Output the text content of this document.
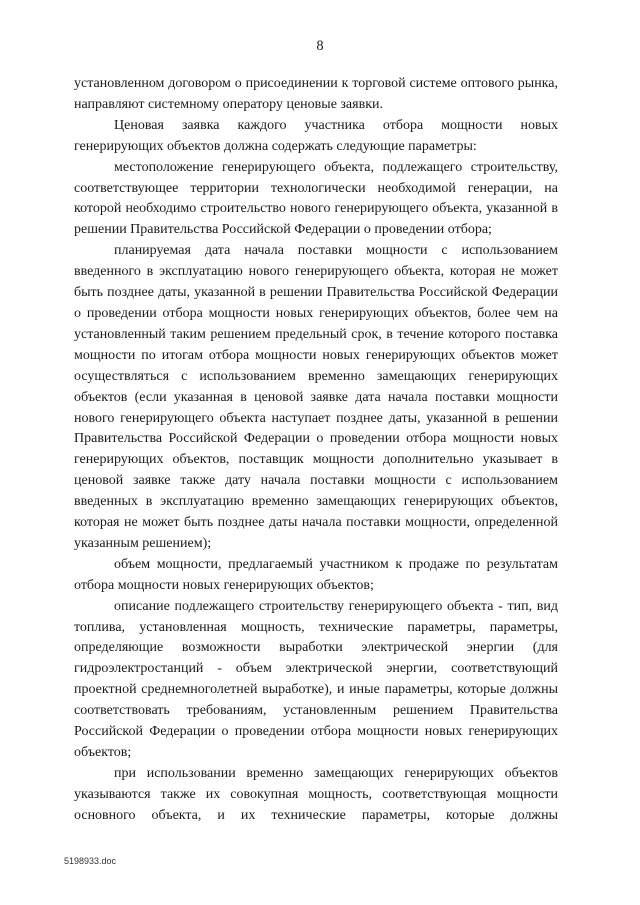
8

установленном договором о присоединении к торговой системе оптового рынка, направляют системному оператору ценовые заявки.

Ценовая заявка каждого участника отбора мощности новых генерирующих объектов должна содержать следующие параметры:

местоположение генерирующего объекта, подлежащего строительству, соответствующее территории технологически необходимой генерации, на которой необходимо строительство нового генерирующего объекта, указанной в решении Правительства Российской Федерации о проведении отбора;

планируемая дата начала поставки мощности с использованием введенного в эксплуатацию нового генерирующего объекта, которая не может быть позднее даты, указанной в решении Правительства Российской Федерации о проведении отбора мощности новых генерирующих объектов, более чем на установленный таким решением предельный срок, в течение которого поставка мощности по итогам отбора мощности новых генерирующих объектов может осуществляться с использованием временно замещающих генерирующих объектов (если указанная в ценовой заявке дата начала поставки мощности нового генерирующего объекта наступает позднее даты, указанной в решении Правительства Российской Федерации о проведении отбора мощности новых генерирующих объектов, поставщик мощности дополнительно указывает в ценовой заявке также дату начала поставки мощности с использованием введенных в эксплуатацию временно замещающих генерирующих объектов, которая не может быть позднее даты начала поставки мощности, определенной указанным решением);

объем мощности, предлагаемый участником к продаже по результатам отбора мощности новых генерирующих объектов;

описание подлежащего строительству генерирующего объекта - тип, вид топлива, установленная мощность, технические параметры, параметры, определяющие возможности выработки электрической энергии (для гидроэлектростанций - объем электрической энергии, соответствующий проектной среднемноголетней выработке), и иные параметры, которые должны соответствовать требованиям, установленным решением Правительства Российской Федерации о проведении отбора мощности новых генерирующих объектов;

при использовании временно замещающих генерирующих объектов указываются также их совокупная мощность, соответствующая мощности основного объекта, и их технические параметры, которые должны

5198933.doc
